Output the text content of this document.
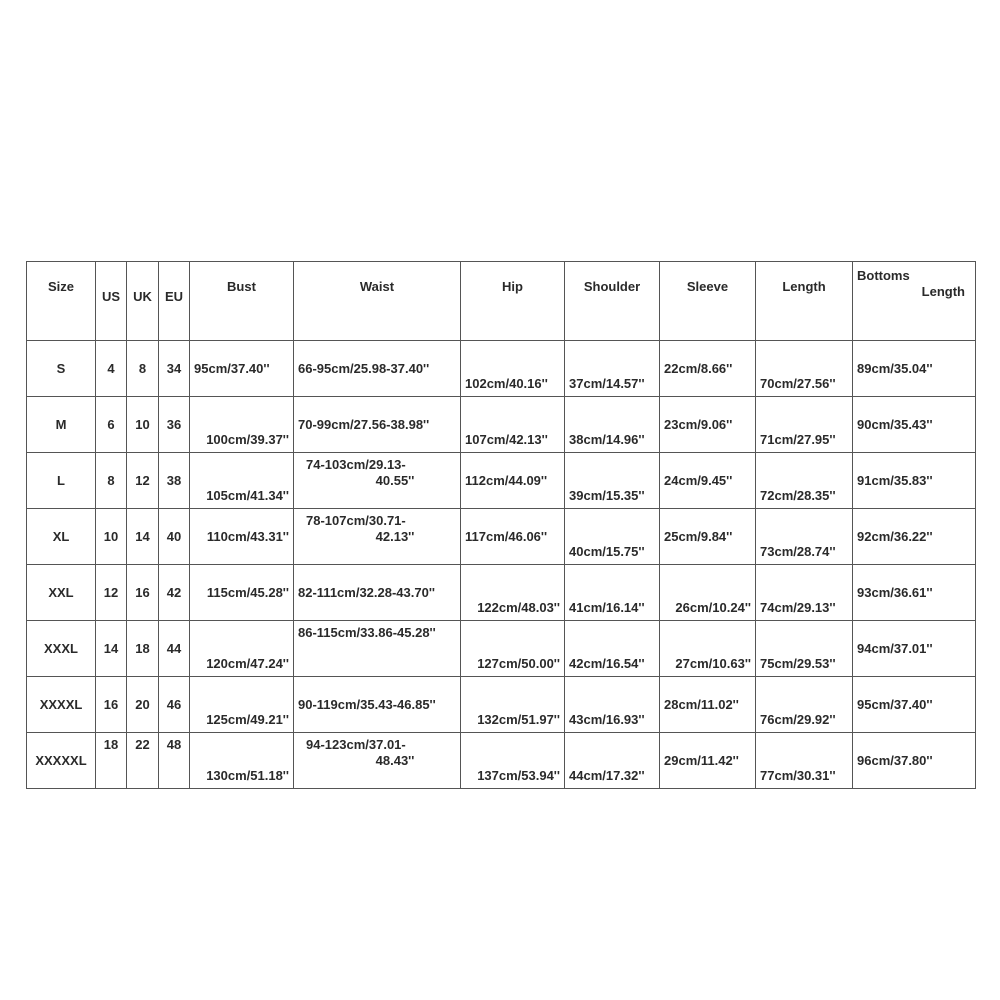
Size	US	UK	EU	Bust	Waist	Hip	Shoulder	Sleeve	Length	Bottoms
Length

S	4	8	34	95cm/37.40''	66-95cm/25.98-37.40''	102cm/40.16''	37cm/14.57''	22cm/8.66''	70cm/27.56''	89cm/35.04''
M	6	10	36	100cm/39.37''	70-99cm/27.56-38.98''	107cm/42.13''	38cm/14.96''	23cm/9.06''	71cm/27.95''	90cm/35.43''
L	8	12	38	105cm/41.34''	74-103cm/29.13-
40.55''	112cm/44.09''	39cm/15.35''	24cm/9.45''	72cm/28.35''	91cm/35.83''
XL	10	14	40	110cm/43.31''	78-107cm/30.71-
42.13''	117cm/46.06''	40cm/15.75''	25cm/9.84''	73cm/28.74''	92cm/36.22''
XXL	12	16	42	115cm/45.28''	82-111cm/32.28-43.70''	122cm/48.03''	41cm/16.14''	26cm/10.24''	74cm/29.13''	93cm/36.61''
XXXL	14	18	44	120cm/47.24''	86-115cm/33.86-45.28''	127cm/50.00''	42cm/16.54''	27cm/10.63''	75cm/29.53''	94cm/37.01''
XXXXL	16	20	46	125cm/49.21''	90-119cm/35.43-46.85''	132cm/51.97''	43cm/16.93''	28cm/11.02''	76cm/29.92''	95cm/37.40''
XXXXXL	18	22	48	130cm/51.18''	94-123cm/37.01-
48.43''	137cm/53.94''	44cm/17.32''	29cm/11.42''	77cm/30.31''	96cm/37.80''
